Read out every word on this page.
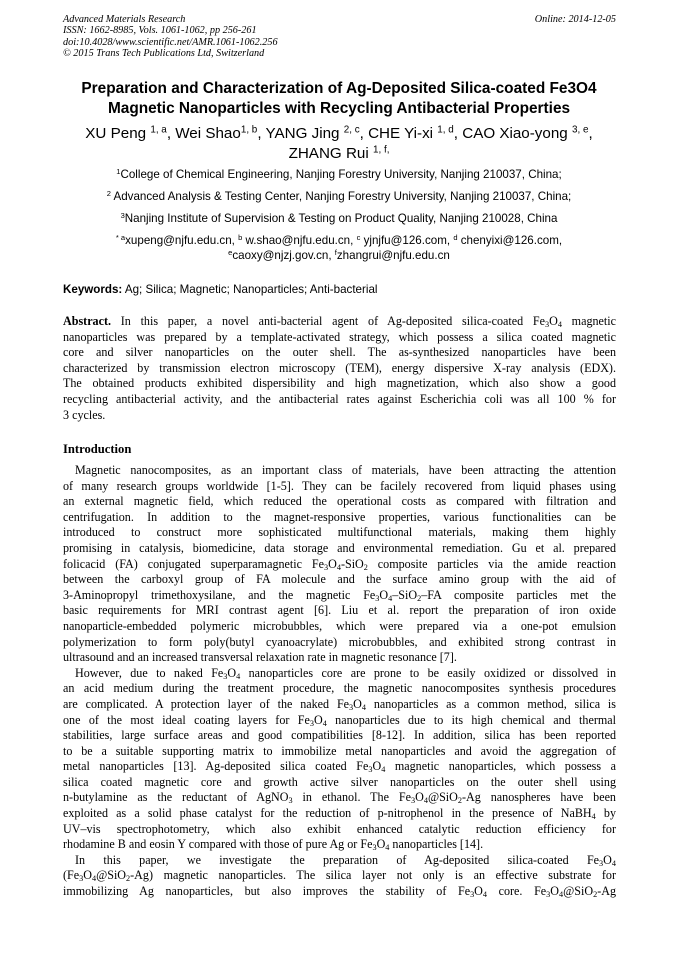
Advanced Materials Research
ISSN: 1662-8985, Vols. 1061-1062, pp 256-261
doi:10.4028/www.scientific.net/AMR.1061-1062.256
© 2015 Trans Tech Publications Ltd, Switzerland
Online: 2014-12-05
Preparation and Characterization of Ag-Deposited Silica-coated Fe3O4
Magnetic Nanoparticles with Recycling Antibacterial Properties
XU Peng $^{1, a}$, Wei Shao$^{1, b}$, YANG Jing $^{2, c}$, CHE Yi-xi $^{1, d}$, CAO Xiao-yong $^{3, e}$,
ZHANG Rui $^{1, f,}$
$^1$College of Chemical Engineering, Nanjing Forestry University, Nanjing 210037, China;
$^2$ Advanced Analysis & Testing Center, Nanjing Forestry University, Nanjing 210037, China;
$^3$Nanjing Institute of Supervision & Testing on Product Quality, Nanjing 210028, China
$^{* a}$xupeng@njfu.edu.cn, $^b$ w.shao@njfu.edu.cn, $^c$ yjnjfu@126.com, $^d$ chenyixi@126.com,
$^e$caoxy@njzj.gov.cn, $^f$zhangrui@njfu.edu.cn
Keywords: Ag; Silica; Magnetic; Nanoparticles; Anti-bacterial
Abstract. In this paper, a novel anti-bacterial agent of Ag-deposited silica-coated $Fe_3O_4$ magnetic
nanoparticles was prepared by a template-activated strategy, which possess a silica coated magnetic
core and silver nanoparticles on the outer shell. The as-synthesized nanoparticles have been
characterized by transmission electron microscopy (TEM), energy dispersive X-ray analysis (EDX).
The obtained products exhibited dispersibility and high magnetization, which also show a good
recycling antibacterial activity, and the antibacterial rates against Escherichia coli was all 100 % for
3 cycles.
Introduction
Magnetic nanocomposites, as an important class of materials, have been attracting the attention
of many research groups worldwide [1-5]. They can be facilely recovered from liquid phases using
an external magnetic field, which reduced the operational costs as compared with filtration and
centrifugation. In addition to the magnet-responsive properties, various functionalities can be
introduced to construct more sophisticated multifunctional materials, making them highly
promising in catalysis, biomedicine, data storage and environmental remediation. Gu et al. prepared
folicacid (FA) conjugated superparamagnetic $Fe_3O_4-SiO_2$ composite particles via the amide reaction
between the carboxyl group of FA molecule and the surface amino group with the aid of
3-Aminopropyl trimethoxysilane, and the magnetic $Fe_3O_4-SiO_2-FA$ composite particles met the
basic requirements for MRI contrast agent [6]. Liu et al. report the preparation of iron oxide
nanoparticle-embedded polymeric microbubbles, which were prepared via a one-pot emulsion
polymerization to form poly(butyl cyanoacrylate) microbubbles, and exhibited strong contrast in
ultrasound and an increased transversal relaxation rate in magnetic resonance [7].
However, due to naked $Fe_3O_4$ nanoparticles core are prone to be easily oxidized or dissolved in
an acid medium during the treatment procedure, the magnetic nanocomposites synthesis procedures
are complicated. A protection layer of the naked $Fe_3O_4$ nanoparticles as a common method, silica is
one of the most ideal coating layers for $Fe_3O_4$ nanoparticles due to its high chemical and thermal
stabilities, large surface areas and good compatibilities [8-12]. In addition, silica has been reported
to be a suitable supporting matrix to immobilize metal nanoparticles and avoid the aggregation of
metal nanoparticles [13]. Ag-deposited silica coated $Fe_3O_4$ magnetic nanoparticles, which possess a
silica coated magnetic core and growth active silver nanoparticles on the outer shell using
n-butylamine as the reductant of AgNO$_3$ in ethanol. The $Fe_3O_4@SiO_2-Ag$ nanospheres have been
exploited as a solid phase catalyst for the reduction of p-nitrophenol in the presence of NaBH$_4$ by
UV–vis spectrophotometry, which also exhibit enhanced catalytic reduction efficiency for
rhodamine B and eosin Y compared with those of pure Ag or $Fe_3O_4$ nanoparticles [14].
In this paper, we investigate the preparation of Ag-deposited silica-coated $Fe_3O_4$
$(Fe_3O_4@SiO_2-Ag)$ magnetic nanoparticles. The silica layer not only is an effective substrate for
immobilizing Ag nanoparticles, but also improves the stability of $Fe_3O_4$ core. $Fe_3O_4@SiO_2-Ag$
